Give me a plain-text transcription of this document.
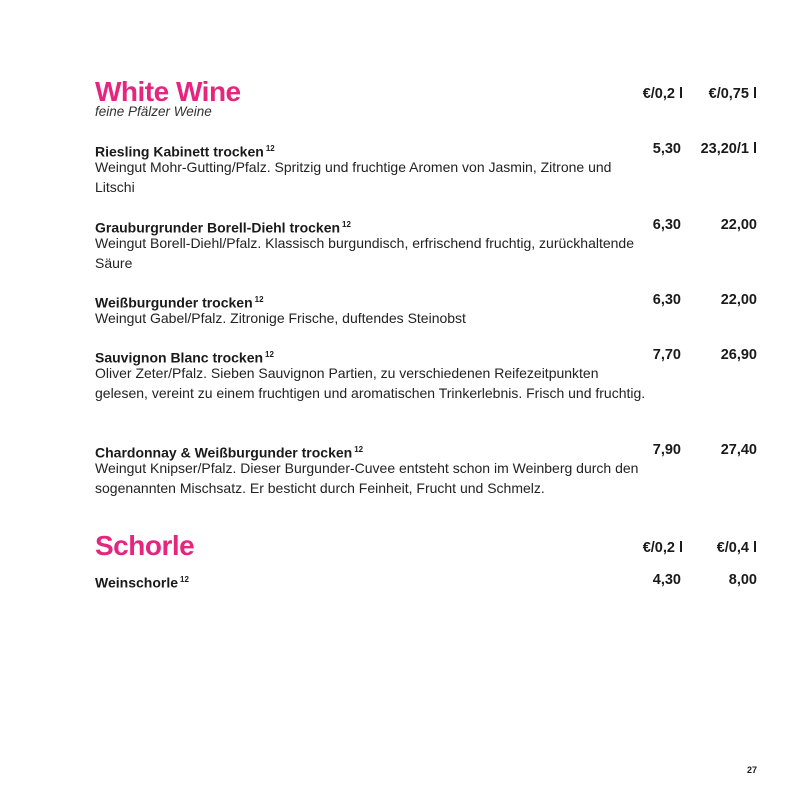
White Wine
feine Pfälzer Weine
€/0,2 l €/0,75 l
Riesling Kabinett trocken $^{12}$	5,30 23,20/1 l
Weingut Mohr-Gutting/Pfalz. Spritzig und fruchtige Aromen von Jasmin, Zitrone und Litschi
Grauburgrunder Borell-Diehl trocken $^{12}$	6,30	22,00
Weingut Borell-Diehl/Pfalz. Klassisch burgundisch, erfrischend fruchtig, zurückhaltende Säure
Weißburgunder trocken $^{12}$	6,30	22,00
Weingut Gabel/Pfalz. Zitronige Frische, duftendes Steinobst
Sauvignon Blanc trocken $^{12}$	7,70	26,90
Oliver Zeter/Pfalz. Sieben Sauvignon Partien, zu verschiedenen Reifezeitpunkten gelesen, vereint zu einem fruchtigen und aromatischen Trinkerlebnis. Frisch und fruchtig.
Chardonnay & Weißburgunder trocken $^{12}$	7,90	27,40
Weingut Knipser/Pfalz. Dieser Burgunder-Cuvee entsteht schon im Weinberg durch den sogenannten Mischsatz. Er besticht durch Feinheit, Frucht und Schmelz.
Schorle	€/0,2 l €/0,4 l
Weinschorle $^{12}$	4,30	8,00
27
